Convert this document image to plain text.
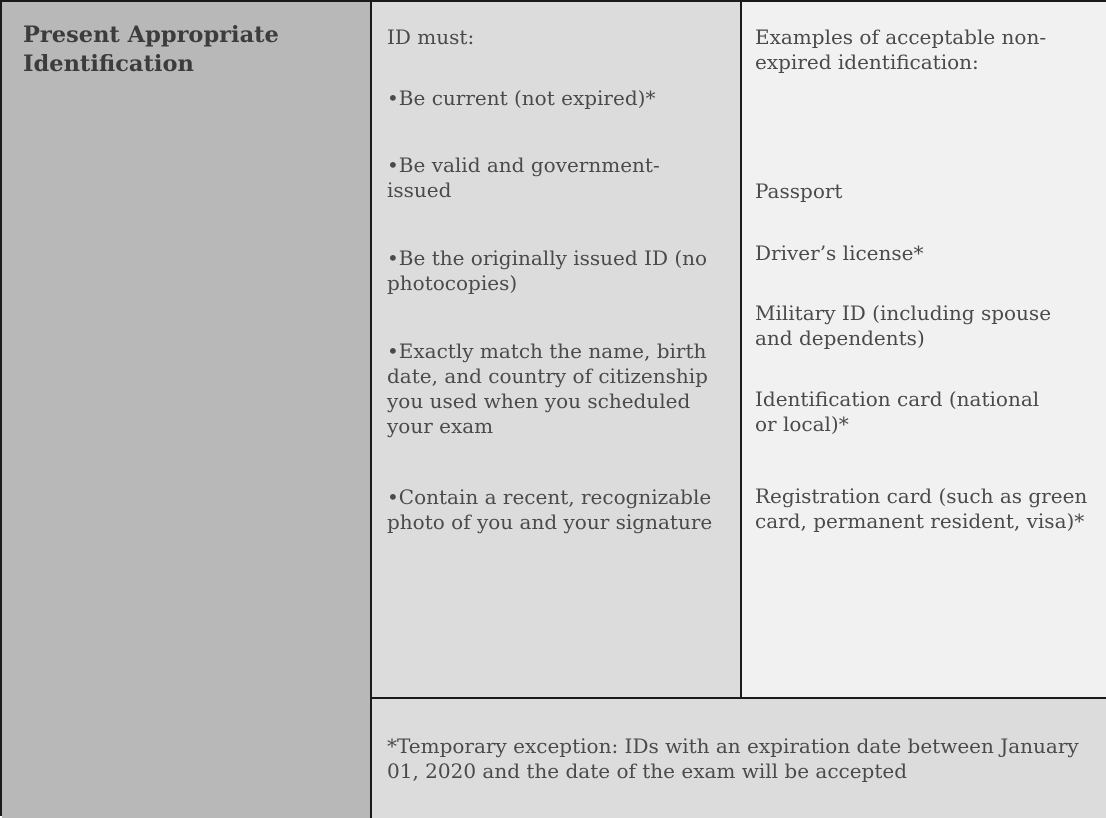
Present Appropriate Identification
ID must:
•Be current (not expired)*
•Be valid and government-issued
•Be the originally issued ID (no photocopies)
•Exactly match the name, birth date, and country of citizenship you used when you scheduled your exam
•Contain a recent, recognizable photo of you and your signature
Examples of acceptable non-expired identification:
Passport
Driver’s license*
Military ID (including spouse and dependents)
Identification card (national or local)*
Registration card (such as green card, permanent resident, visa)*
*Temporary exception: IDs with an expiration date between January 01, 2020 and the date of the exam will be accepted
